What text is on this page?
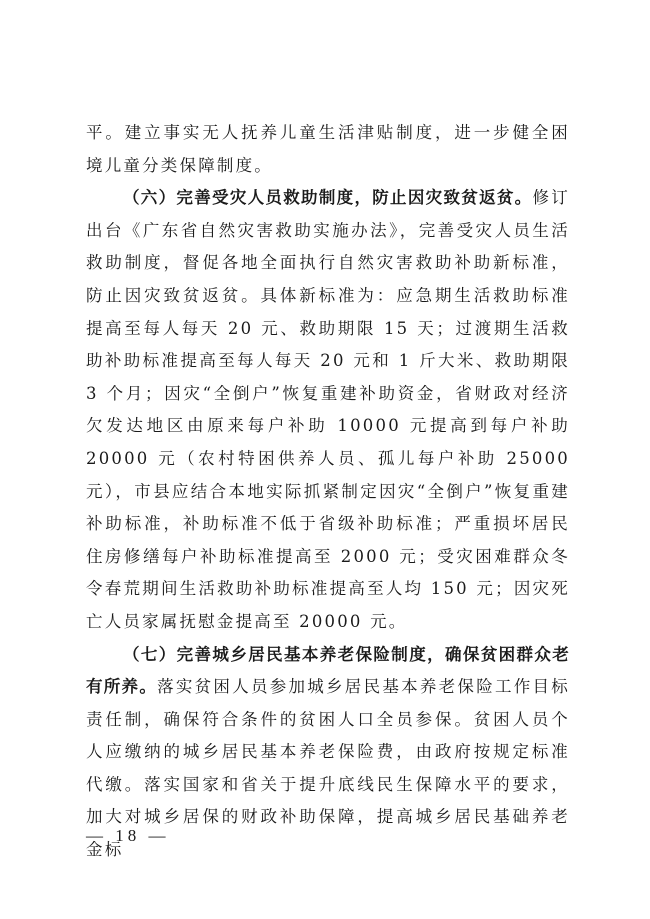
平。建立事实无人抚养儿童生活津贴制度，进一步健全困境儿童分类保障制度。

（六）完善受灾人员救助制度，防止因灾致贫返贫。修订出台《广东省自然灾害救助实施办法》，完善受灾人员生活救助制度，督促各地全面执行自然灾害救助补助新标准，防止因灾致贫返贫。具体新标准为：应急期生活救助标准提高至每人每天 20 元、救助期限 15 天；过渡期生活救助补助标准提高至每人每天 20 元和 1 斤大米、救助期限 3 个月；因灾“全倒户”恢复重建补助资金，省财政对经济欠发达地区由原来每户补助 10000 元提高到每户补助 20000 元（农村特困供养人员、孤儿每户补助 25000 元），市县应结合本地实际抓紧制定因灾“全倒户”恢复重建补助标准，补助标准不低于省级补助标准；严重损坏居民住房修缮每户补助标准提高至 2000 元；受灾困难群众冬令春荒期间生活救助补助标准提高至人均 150 元；因灾死亡人员家属抚慰金提高至 20000 元。

（七）完善城乡居民基本养老保险制度，确保贫困群众老有所养。落实贫困人员参加城乡居民基本养老保险工作目标责任制，确保符合条件的贫困人口全员参保。贫困人员个人应缴纳的城乡居民基本养老保险费，由政府按规定标准代缴。落实国家和省关于提升底线民生保障水平的要求，加大对城乡居保的财政补助保障，提高城乡居民基础养老金标

— 18 —
